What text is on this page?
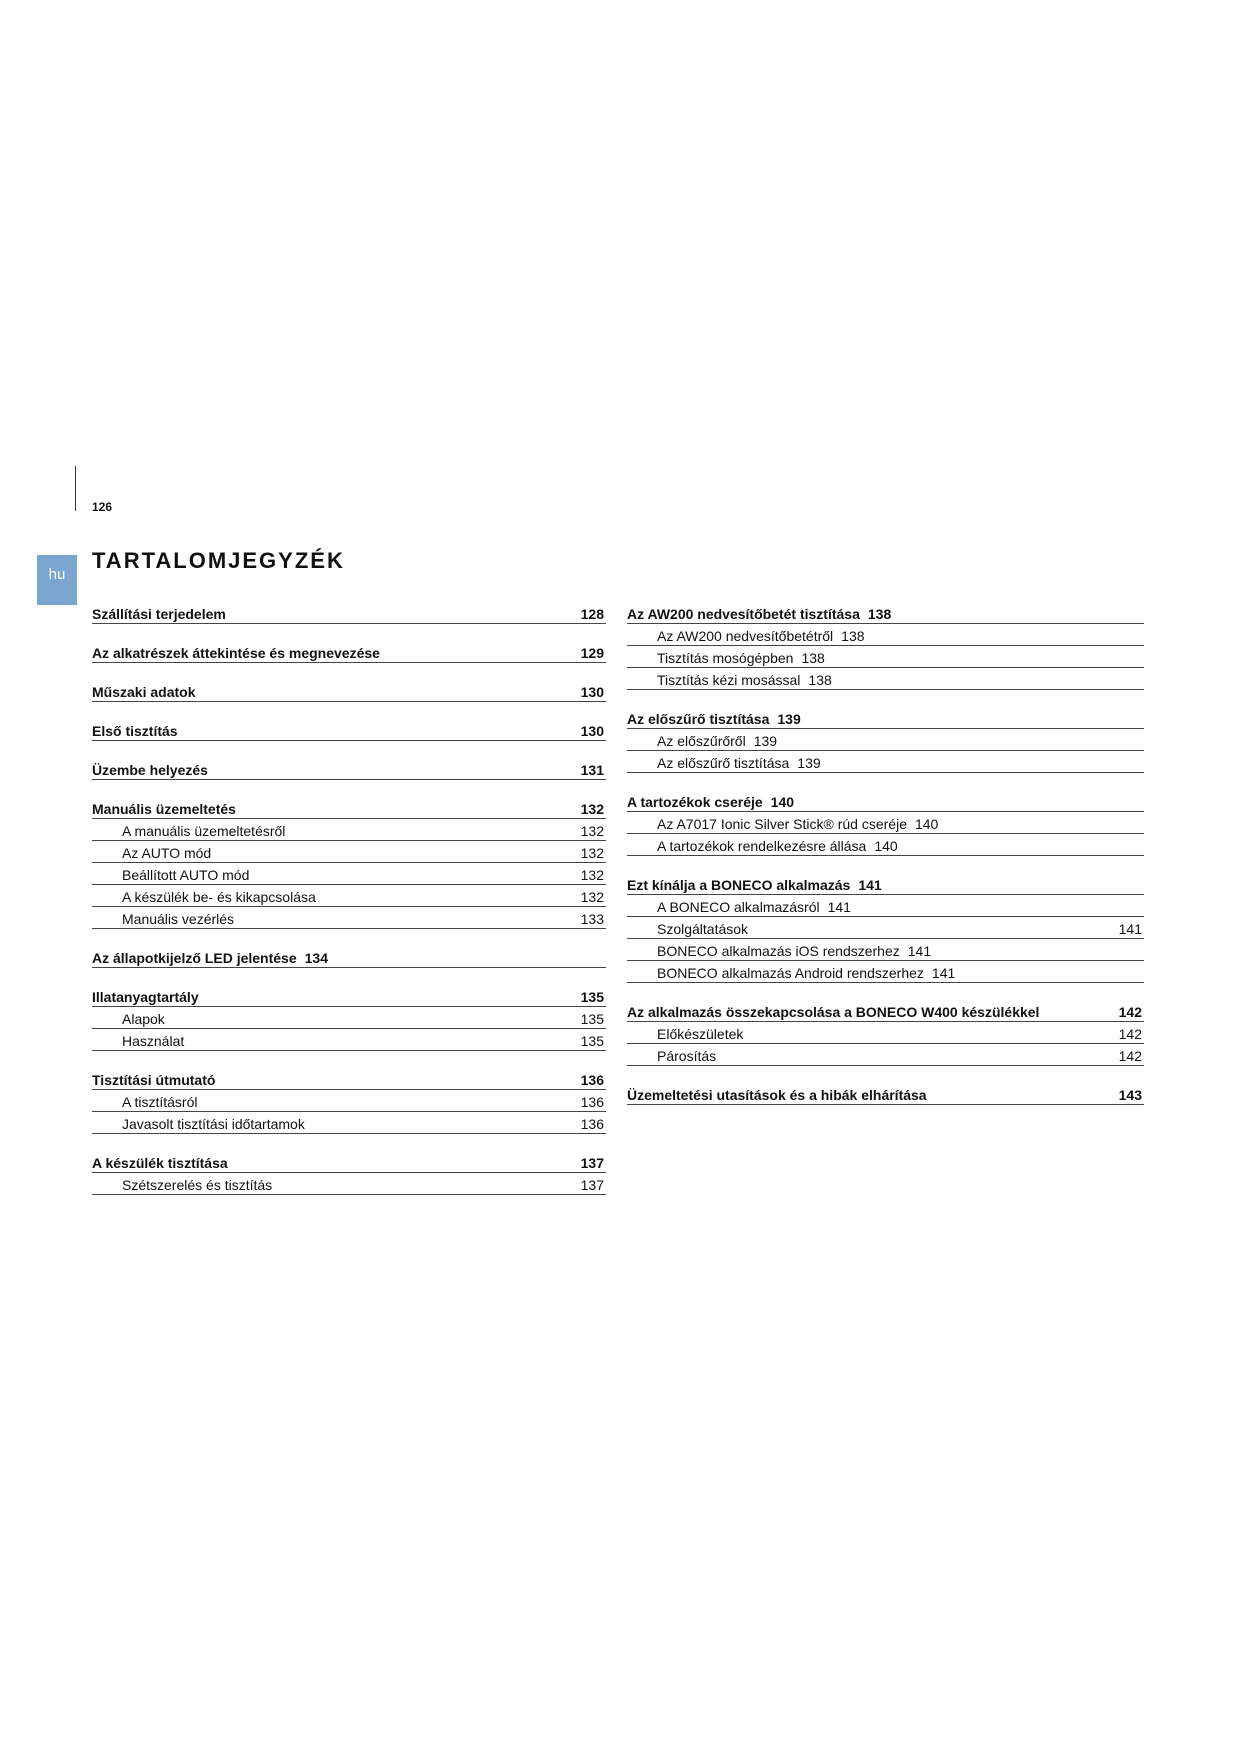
126
hu
TARTALOMJEGYZÉK
Szállítási terjedelem	128
Az alkatrészek áttekintése és megnevezése	129
Műszaki adatok	130
Első tisztítás	130
Üzembe helyezés	131
Manuális üzemeltetés	132
A manuális üzemeltetésről	132
Az AUTO mód	132
Beállított AUTO mód	132
A készülék be- és kikapcsolása	132
Manuális vezérlés	133
Az állapotkijelző LED jelentése 134
Illatanyagtartály	135
Alapok	135
Használat	135
Tisztítási útmutató	136
A tisztításról	136
Javasolt tisztítási időtartamok	136
A készülék tisztítása	137
Szétszerelés és tisztítás	137
Az AW200 nedvesítőbetét tisztítása 138
Az AW200 nedvesítőbetétről 138
Tisztítás mosógépben 138
Tisztítás kézi mosással 138
Az előszűrő tisztítása 139
Az előszűrőről 139
Az előszűrő tisztítása 139
A tartozékok cseréje 140
Az A7017 Ionic Silver Stick® rúd cseréje 140
A tartozékok rendelkezésre állása 140
Ezt kínálja a BONECO alkalmazás 141
A BONECO alkalmazásról 141
Szolgáltatások	141
BONECO alkalmazás iOS rendszerhez 141
BONECO alkalmazás Android rendszerhez 141
Az alkalmazás összekapcsolása a BONECO W400 készülékkel	142
Előkészületek	142
Párosítás	142
Üzemeltetési utasítások és a hibák elhárítása	143
